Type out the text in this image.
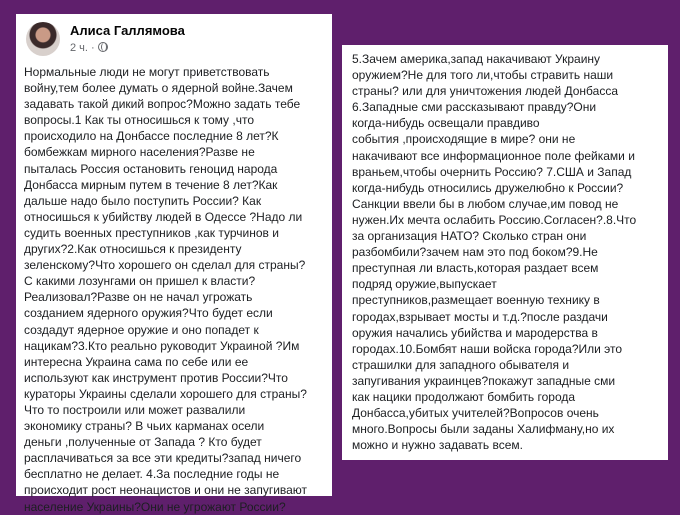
Алиса Галлямова
2 ч. ·
Нормальные люди не могут приветствовать
войну,тем более думать о ядерной войне.Зачем
задавать такой дикий вопрос?Можно задать тебе
вопросы.1 Как ты относишься к тому ,что
происходило на Донбассе последние 8 лет?К
бомбежкам мирного населения?Разве не
пыталась Россия остановить геноцид народа
Донбасса мирным путем в течение 8 лет?Как
дальше надо было поступить России? Как
относишься к убийству людей в Одессе ?Надо ли
судить военных преступников ,как турчинов и
других?2.Как относишься к президенту
зеленскому?Что хорошего он сделал для страны?
С какими лозунгами он пришел к власти?
Реализовал?Разве он не начал угрожать
созданием ядерного оружия?Что будет если
создадут ядерное оружие и оно попадет к
нацикам?3.Кто реально руководит Украиной ?Им
интересна Украина сама по себе или ее
используют как инструмент против России?Что
кураторы Украины сделали хорошего для страны?
Что то построили или может развалили
экономику страны? В чьих карманах осели
деньги ,полученные от Запада ? Кто будет
расплачиваться за все эти кредиты?запад ничего
бесплатно не делает. 4.За последние годы не
происходит рост неонацистов и они не запугивают
население Украины?Они не угрожают России?
5.Зачем америка,запад накачивают Украину
оружием?Не для того ли,чтобы стравить наши
страны? или для уничтожения людей Донбасса
6.Западные сми рассказывают правду?Они
когда-нибудь освещали правдиво
события ,происходящие в мире? они не
накачивают все информационное поле фейками и
враньем,чтобы очернить Россию? 7.США и Запад
когда-нибудь относились дружелюбно к России?
Санкции ввели бы в любом случае,им повод не
нужен.Их мечта ослабить Россию.Согласен?.8.Что
за организация НАТО? Сколько стран они
разбомбили?зачем нам это под боком?9.Не
преступная ли власть,которая раздает всем
подряд оружие,выпускает
преступников,размещает военную технику в
городах,взрывает мосты и т.д.?после раздачи
оружия начались убийства и мародерства в
городах.10.Бомбят наши войска города?Или это
страшилки для западного обывателя и
запугивания украинцев?покажут западные сми
как нацики продолжают бомбить города
Донбасса,убитых учителей?Вопросов очень
много.Вопросы были заданы Халифману,но их
можно и нужно задавать всем.
